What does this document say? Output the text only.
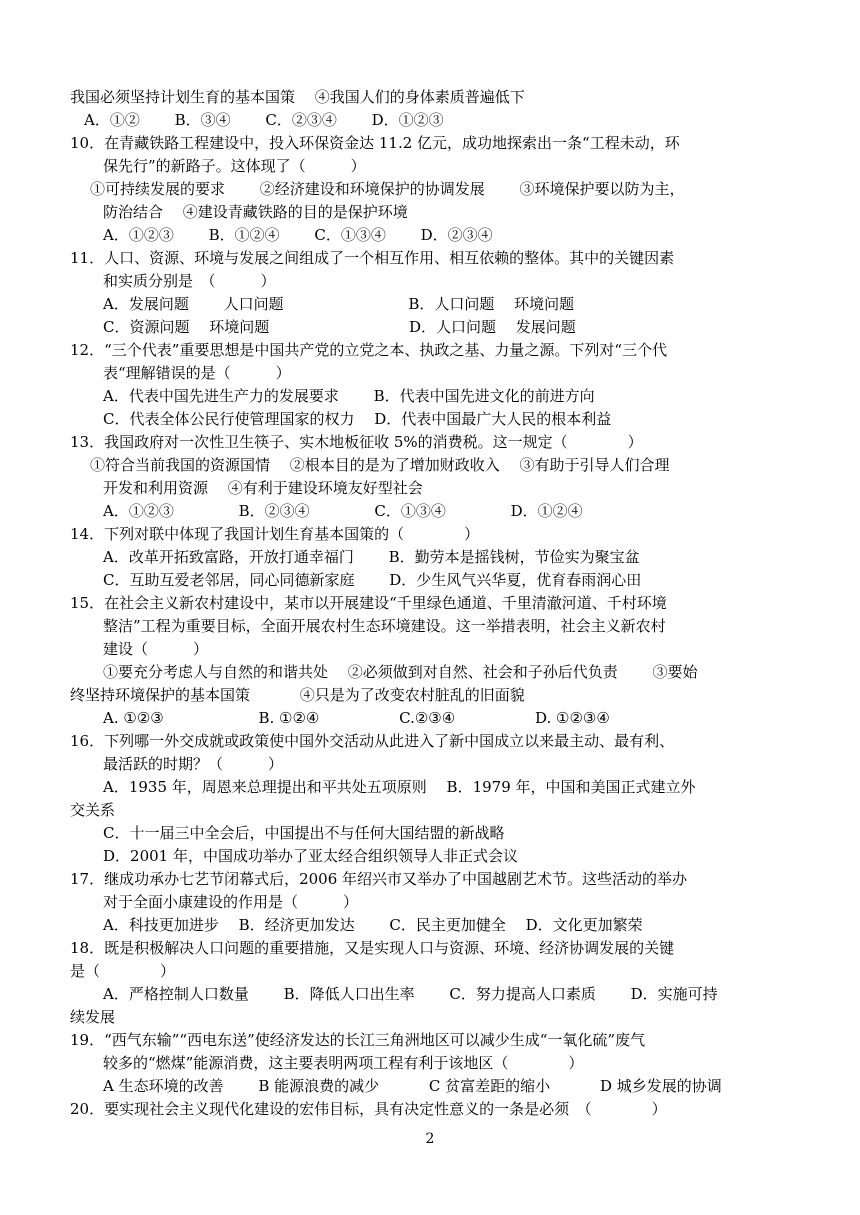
我国必须坚持计划生育的基本国策　 ④我国人们的身体素质普遍低下
A．①②　　 B．③④　　 C．②③④　　 D．①②③
10．在青藏铁路工程建设中，投入环保资金达 11.2 亿元，成功地探索出一条“工程未动，环
保先行”的新路子。这体现了（　　　）
①可持续发展的要求　　 ②经济建设和环境保护的协调发展　　 ③环境保护要以防为主，
防治结合　 ④建设青藏铁路的目的是保护环境
A．①②③　　 B．①②④　　 C．①③④　　 D．②③④
11．人口、资源、环境与发展之间组成了一个相互作用、相互依赖的整体。其中的关键因素
和实质分别是　（　　　）
A．发展问题　　 人口问题　　　　　　　　 B．人口问题　 环境问题
C．资源问题　 环境问题　　　　　　　　　 D．人口问题　 发展问题
12．“三个代表”重要思想是中国共产党的立党之本、执政之基、力量之源。下列对“三个代
表“理解错误的是（　　　）
A．代表中国先进生产力的发展要求　　 B．代表中国先进文化的前进方向
C．代表全体公民行使管理国家的权力　 D．代表中国最广大人民的根本利益
13．我国政府对一次性卫生筷子、实木地板征收 5%的消费税。这一规定（　　　　）
①符合当前我国的资源国情　 ②根本目的是为了增加财政收入　 ③有助于引导人们合理
开发和利用资源　 ④有利于建设环境友好型社会
A．①②③　　　　 B．②③④　　　　 C．①③④　　　　 D．①②④
14．下列对联中体现了我国计划生育基本国策的（　　　　）
A．改革开拓致富路，开放打通幸福门　　 B．勤劳本是摇钱树，节俭实为聚宝盆
C．互助互爱老邻居，同心同德新家庭　　 D．少生风气兴华夏，优育春雨润心田
15．在社会主义新农村建设中，某市以开展建设“千里绿色通道、千里清澈河道、千村环境
整洁”工程为重要目标，全面开展农村生态环境建设。这一举措表明，社会主义新农村
建设（　　　）
①要充分考虑人与自然的和谐共处　 ②必须做到对自然、社会和子孙后代负责　　 ③要始
终坚持环境保护的基本国策　　　 ④只是为了改变农村脏乱的旧面貌
A. ①②③　　　　　　 B. ①②④　　　　　 C.②③④　　　　　 D. ①②③④
16．下列哪一外交成就或政策使中国外交活动从此进入了新中国成立以来最主动、最有利、
最活跃的时期？（　　　）
A．1935 年，周恩来总理提出和平共处五项原则　 B．1979 年，中国和美国正式建立外
交关系
C．十一届三中全会后，中国提出不与任何大国结盟的新战略
D．2001 年，中国成功举办了亚太经合组织领导人非正式会议
17．继成功承办七艺节闭幕式后，2006 年绍兴市又举办了中国越剧艺术节。这些活动的举办
对于全面小康建设的作用是（　　　）
A．科技更加进步　 B．经济更加发达　　 C．民主更加健全　 D．文化更加繁荣
18．既是积极解决人口问题的重要措施，又是实现人口与资源、环境、经济协调发展的关键
是（　　　　）
A．严格控制人口数量　　 B．降低人口出生率　　 C．努力提高人口素质　　 D．实施可持
续发展
19．“西气东输”“西电东送”使经济发达的长江三角洲地区可以减少生成“一氧化硫”废气
较多的“燃煤”能源消费，这主要表明两项工程有利于该地区（　　　　）
A 生态环境的改善　　 B 能源浪费的减少　　　 C 贫富差距的缩小　　　 D 城乡发展的协调
20．要实现社会主义现代化建设的宏伟目标，具有决定性意义的一条是必须　（　　　　）
2
